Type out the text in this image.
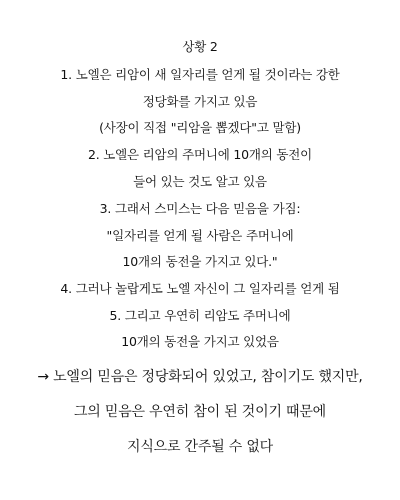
상황 2
1. 노엘은 리암이 새 일자리를 얻게 될 것이라는 강한
정당화를 가지고 있음
(사장이 직접 "리암을 뽑겠다"고 말함)
2. 노엘은 리암의 주머니에 10개의 동전이
들어 있는 것도 알고 있음
3. 그래서 스미스는 다음 믿음을 가짐:
"일자리를 얻게 될 사람은 주머니에
10개의 동전을 가지고 있다."
4. 그러나 놀랍게도 노엘 자신이 그 일자리를 얻게 됨
5. 그리고 우연히 리암도 주머니에
10개의 동전을 가지고 있었음
→ 노엘의 믿음은 정당화되어 있었고, 참이기도 했지만,
그의 믿음은 우연히 참이 된 것이기 때문에
지식으로 간주될 수 없다
